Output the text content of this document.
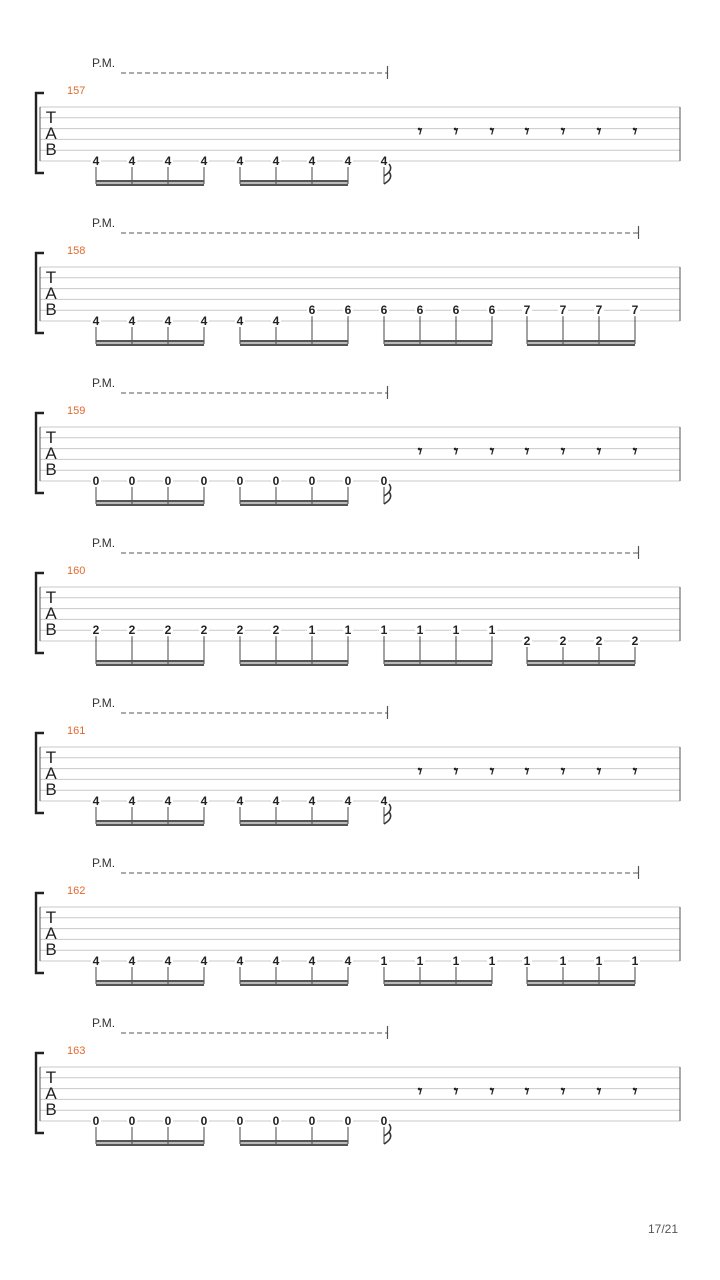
P.M.
157
T
A
B
4 4 4 4 4 4 4 4 4
𝄾 𝄾 𝄾 𝄾 𝄾 𝄾 𝄾
P.M.
158
T
A
B
4 4 4 4 4 4
6 6 6 6 6 6 7 7 7 7
P.M.
159
T
A
B
0 0 0 0 0 0 0 0 0
𝄾 𝄾 𝄾 𝄾 𝄾 𝄾 𝄾
P.M.
160
T
A
B	2 2 2 2 2 2 1 1 1 1 1 1
2 2 2 2
P.M.
161
T
A
B
4 4 4 4 4 4 4 4 4
𝄾 𝄾 𝄾 𝄾 𝄾 𝄾 𝄾
P.M.
162
T
A
B
4 4 4 4 4 4 4 4 1 1 1 1 1 1 1 1
P.M.
163
T
A
B
0 0 0 0 0 0 0 0 0
𝄾 𝄾 𝄾 𝄾 𝄾 𝄾 𝄾
17/21
